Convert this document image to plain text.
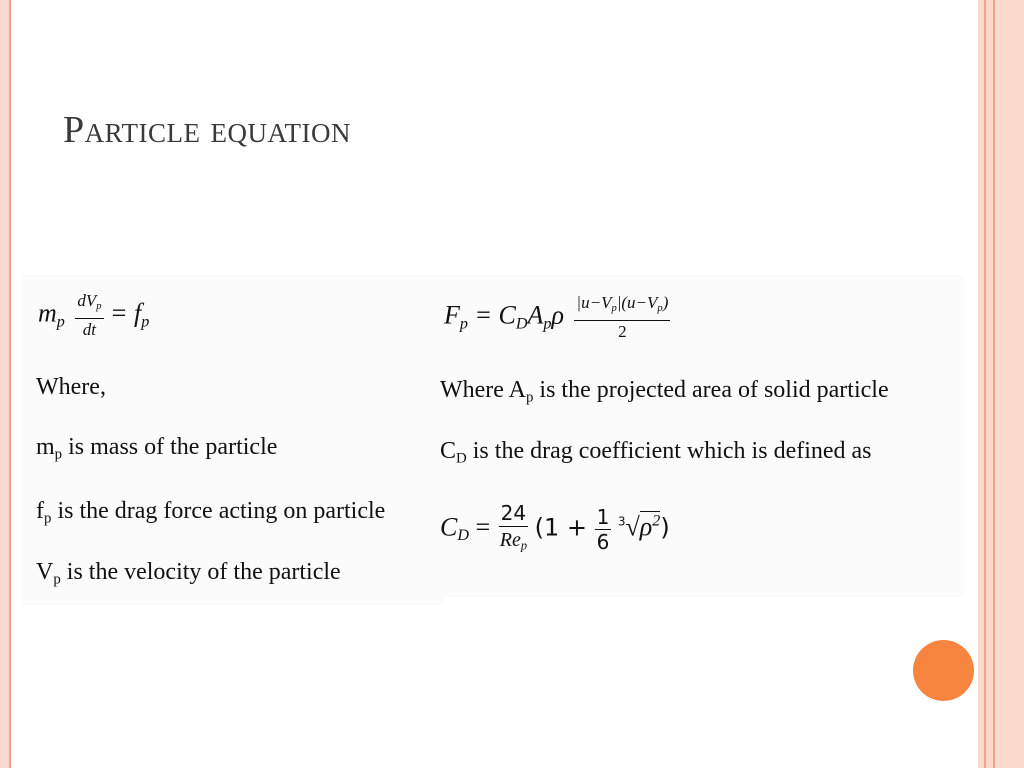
Particle equation
$m_p \frac{dV_p}{dt} = f_p$
Where,
$m_p$ is mass of the particle
$f_p$ is the drag force acting on particle
$V_p$ is the velocity of the particle
$F_p = C_DA_p\rho \frac{|u-V_p|(u-V_p)}{2}$
Where $A_p$ is the projected area of solid particle
$C_D$ is the drag coefficient which is defined as
$C_D = \frac{24}{Re_p} (1 + \frac{1}{6} ^3√\rho^2)$
